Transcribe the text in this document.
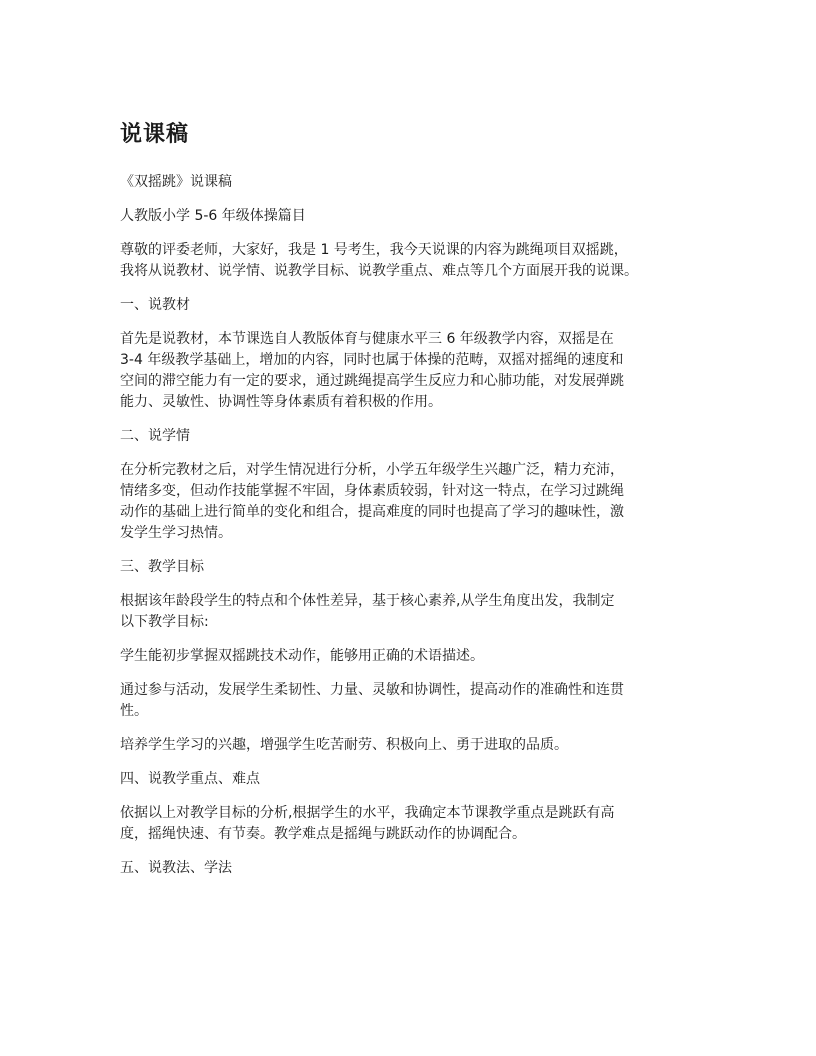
说课稿

《双摇跳》说课稿

人教版小学 5-6 年级体操篇目

尊敬的评委老师，大家好，我是 1 号考生，我今天说课的内容为跳绳项目双摇跳，
我将从说教材、说学情、说教学目标、说教学重点、难点等几个方面展开我的说课。

一、说教材

首先是说教材，本节课选自人教版体育与健康水平三 6 年级教学内容，双摇是在
3-4 年级教学基础上，增加的内容，同时也属于体操的范畴，双摇对摇绳的速度和
空间的滞空能力有一定的要求，通过跳绳提高学生反应力和心肺功能，对发展弹跳
能力、灵敏性、协调性等身体素质有着积极的作用。

二、说学情

在分析完教材之后，对学生情况进行分析，小学五年级学生兴趣广泛，精力充沛，
情绪多变，但动作技能掌握不牢固，身体素质较弱，针对这一特点，在学习过跳绳
动作的基础上进行简单的变化和组合，提高难度的同时也提高了学习的趣味性，激
发学生学习热情。

三、教学目标

根据该年龄段学生的特点和个体性差异，基于核心素养,从学生角度出发，我制定
以下教学目标:

学生能初步掌握双摇跳技术动作，能够用正确的术语描述。

通过参与活动，发展学生柔韧性、力量、灵敏和协调性，提高动作的准确性和连贯
性。

培养学生学习的兴趣，增强学生吃苦耐劳、积极向上、勇于进取的品质。

四、说教学重点、难点

依据以上对教学目标的分析,根据学生的水平，我确定本节课教学重点是跳跃有高
度，摇绳快速、有节奏。教学难点是摇绳与跳跃动作的协调配合。

五、说教法、学法
